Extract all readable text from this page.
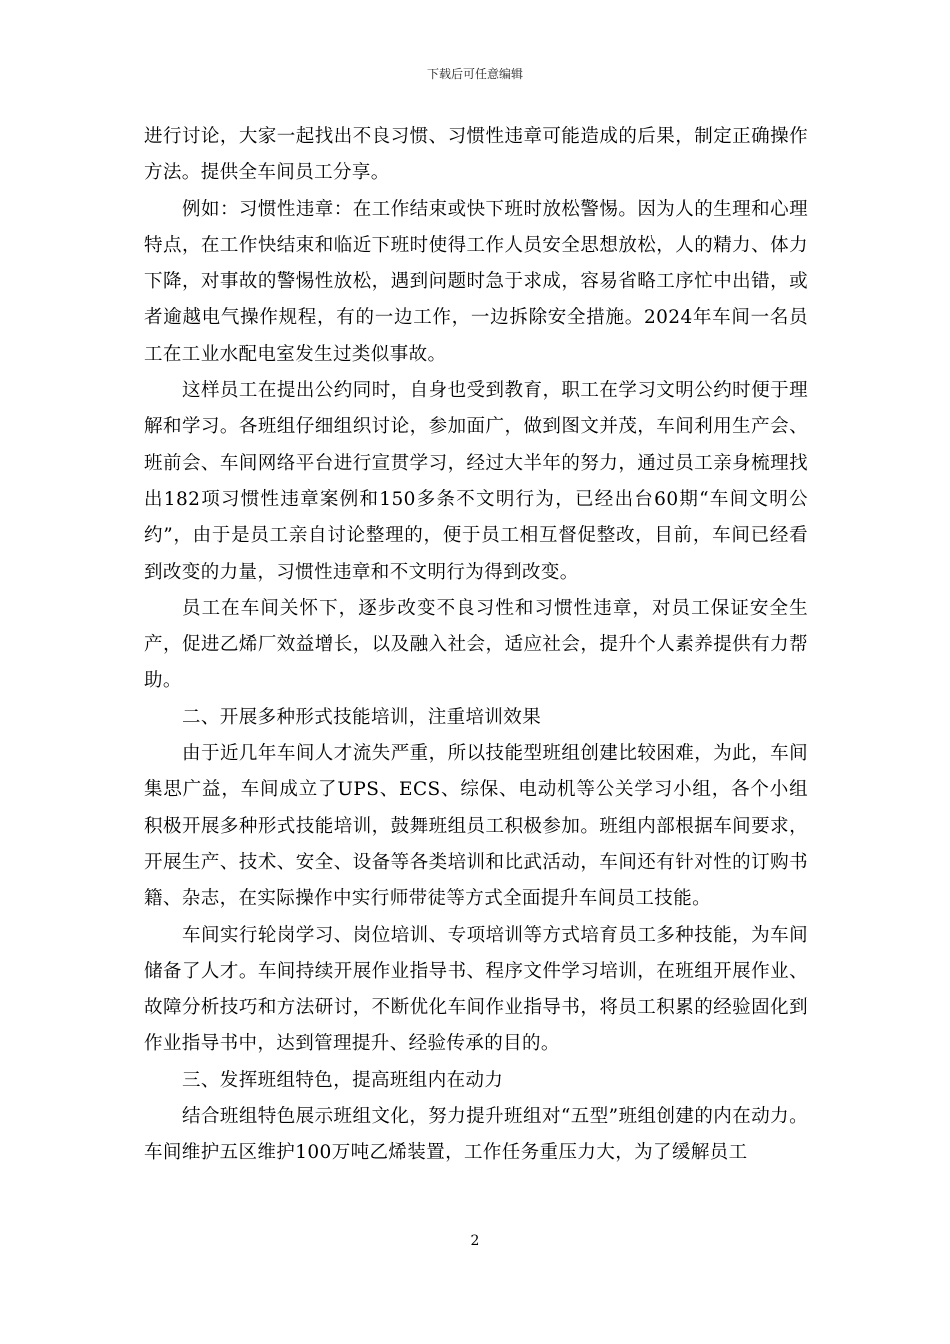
下载后可任意编辑

进行讨论，大家一起找出不良习惯、习惯性违章可能造成的后果，制定正确操作方法。提供全车间员工分享。

例如：习惯性违章：在工作结束或快下班时放松警惕。因为人的生理和心理特点，在工作快结束和临近下班时使得工作人员安全思想放松，人的精力、体力下降，对事故的警惕性放松，遇到问题时急于求成，容易省略工序忙中出错，或者逾越电气操作规程，有的一边工作，一边拆除安全措施。2024年车间一名员工在工业水配电室发生过类似事故。

这样员工在提出公约同时，自身也受到教育，职工在学习文明公约时便于理解和学习。各班组仔细组织讨论，参加面广，做到图文并茂，车间利用生产会、班前会、车间网络平台进行宣贯学习，经过大半年的努力，通过员工亲身梳理找出182项习惯性违章案例和150多条不文明行为，已经出台60期“车间文明公约”，由于是员工亲自讨论整理的，便于员工相互督促整改，目前，车间已经看到改变的力量，习惯性违章和不文明行为得到改变。

员工在车间关怀下，逐步改变不良习性和习惯性违章，对员工保证安全生产，促进乙烯厂效益增长，以及融入社会，适应社会，提升个人素养提供有力帮助。

二、开展多种形式技能培训，注重培训效果

由于近几年车间人才流失严重，所以技能型班组创建比较困难，为此，车间集思广益，车间成立了UPS、ECS、综保、电动机等公关学习小组，各个小组积极开展多种形式技能培训，鼓舞班组员工积极参加。班组内部根据车间要求，开展生产、技术、安全、设备等各类培训和比武活动，车间还有针对性的订购书籍、杂志，在实际操作中实行师带徒等方式全面提升车间员工技能。

车间实行轮岗学习、岗位培训、专项培训等方式培育员工多种技能，为车间储备了人才。车间持续开展作业指导书、程序文件学习培训，在班组开展作业、故障分析技巧和方法研讨，不断优化车间作业指导书，将员工积累的经验固化到作业指导书中，达到管理提升、经验传承的目的。

三、发挥班组特色，提高班组内在动力

结合班组特色展示班组文化，努力提升班组对“五型”班组创建的内在动力。车间维护五区维护100万吨乙烯装置，工作任务重压力大，为了缓解员工

2
